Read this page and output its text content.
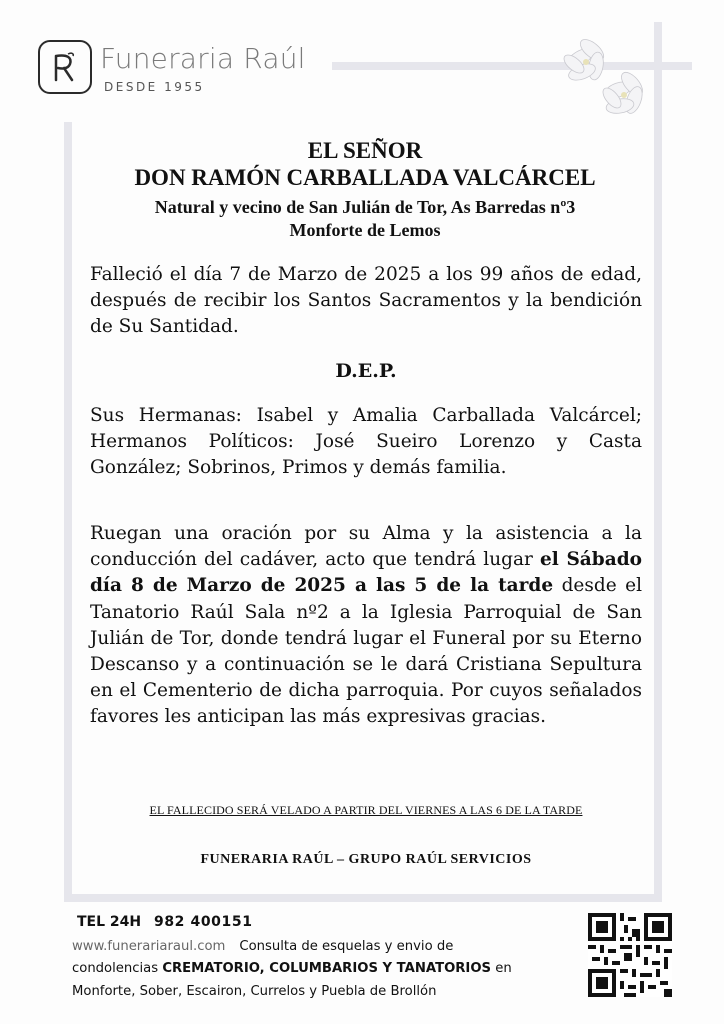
Funeraria Raúl
DESDE 1955
EL SEÑOR
DON RAMÓN CARBALLADA VALCÁRCEL
Natural y vecino de San Julián de Tor, As Barredas nº3
Monforte de Lemos
Falleció el día 7 de Marzo de 2025 a los 99 años de edad, después de recibir los Santos Sacramentos y la bendición de Su Santidad.
D.E.P.
Sus Hermanas: Isabel y Amalia Carballada Valcárcel; Hermanos Políticos: José Sueiro Lorenzo y Casta González; Sobrinos, Primos y demás familia.
Ruegan una oración por su Alma y la asistencia a la conducción del cadáver, acto que tendrá lugar el Sábado día 8 de Marzo de 2025 a las 5 de la tarde desde el Tanatorio Raúl Sala nº2 a la Iglesia Parroquial de San Julián de Tor, donde tendrá lugar el Funeral por su Eterno Descanso y a continuación se le dará Cristiana Sepultura en el Cementerio de dicha parroquia. Por cuyos señalados favores les anticipan las más expresivas gracias.
EL FALLECIDO SERÁ VELADO A PARTIR DEL VIERNES A LAS 6 DE LA TARDE
FUNERARIA RAÚL – GRUPO RAÚL SERVICIOS
TEL 24H 982 400151
www.funerariaraul.com Consulta de esquelas y envio de
condolencias CREMATORIO, COLUMBARIOS Y TANATORIOS en
Monforte, Sober, Escairon, Currelos y Puebla de Brollón
